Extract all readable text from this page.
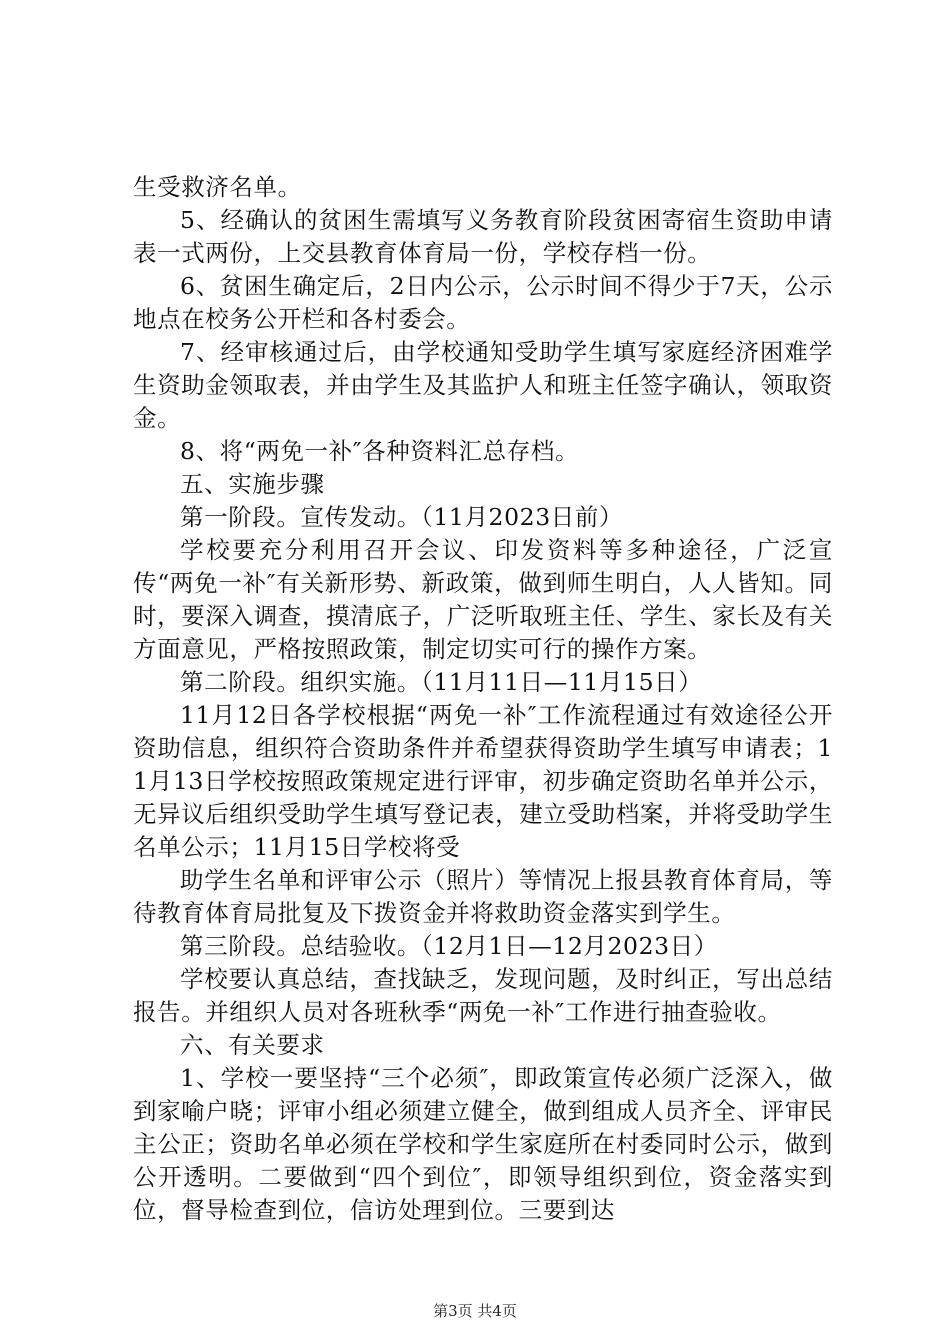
生受救济名单。

5、经确认的贫困生需填写义务教育阶段贫困寄宿生资助申请表一式两份，上交县教育体育局一份，学校存档一份。

6、贫困生确定后，2日内公示，公示时间不得少于7天，公示地点在校务公开栏和各村委会。

7、经审核通过后，由学校通知受助学生填写家庭经济困难学生资助金领取表，并由学生及其监护人和班主任签字确认，领取资金。

8、将“两免一补″各种资料汇总存档。

五、实施步骤

第一阶段。宣传发动。（11月2023日前）

学校要充分利用召开会议、印发资料等多种途径，广泛宣传“两免一补″有关新形势、新政策，做到师生明白，人人皆知。同时，要深入调查，摸清底子，广泛听取班主任、学生、家长及有关方面意见，严格按照政策，制定切实可行的操作方案。

第二阶段。组织实施。（11月11日—11月15日）

11月12日各学校根据“两免一补″工作流程通过有效途径公开资助信息，组织符合资助条件并希望获得资助学生填写申请表；11月13日学校按照政策规定进行评审，初步确定资助名单并公示，无异议后组织受助学生填写登记表，建立受助档案，并将受助学生名单公示；11月15日学校将受

助学生名单和评审公示（照片）等情况上报县教育体育局，等待教育体育局批复及下拨资金并将救助资金落实到学生。

第三阶段。总结验收。（12月1日—12月2023日）

学校要认真总结，查找缺乏，发现问题，及时纠正，写出总结报告。并组织人员对各班秋季“两免一补″工作进行抽查验收。

六、有关要求

1、学校一要坚持“三个必须″，即政策宣传必须广泛深入，做到家喻户晓；评审小组必须建立健全，做到组成人员齐全、评审民主公正；资助名单必须在学校和学生家庭所在村委同时公示，做到公开透明。二要做到“四个到位″，即领导组织到位，资金落实到位，督导检查到位，信访处理到位。三要到达

第3页 共4页
